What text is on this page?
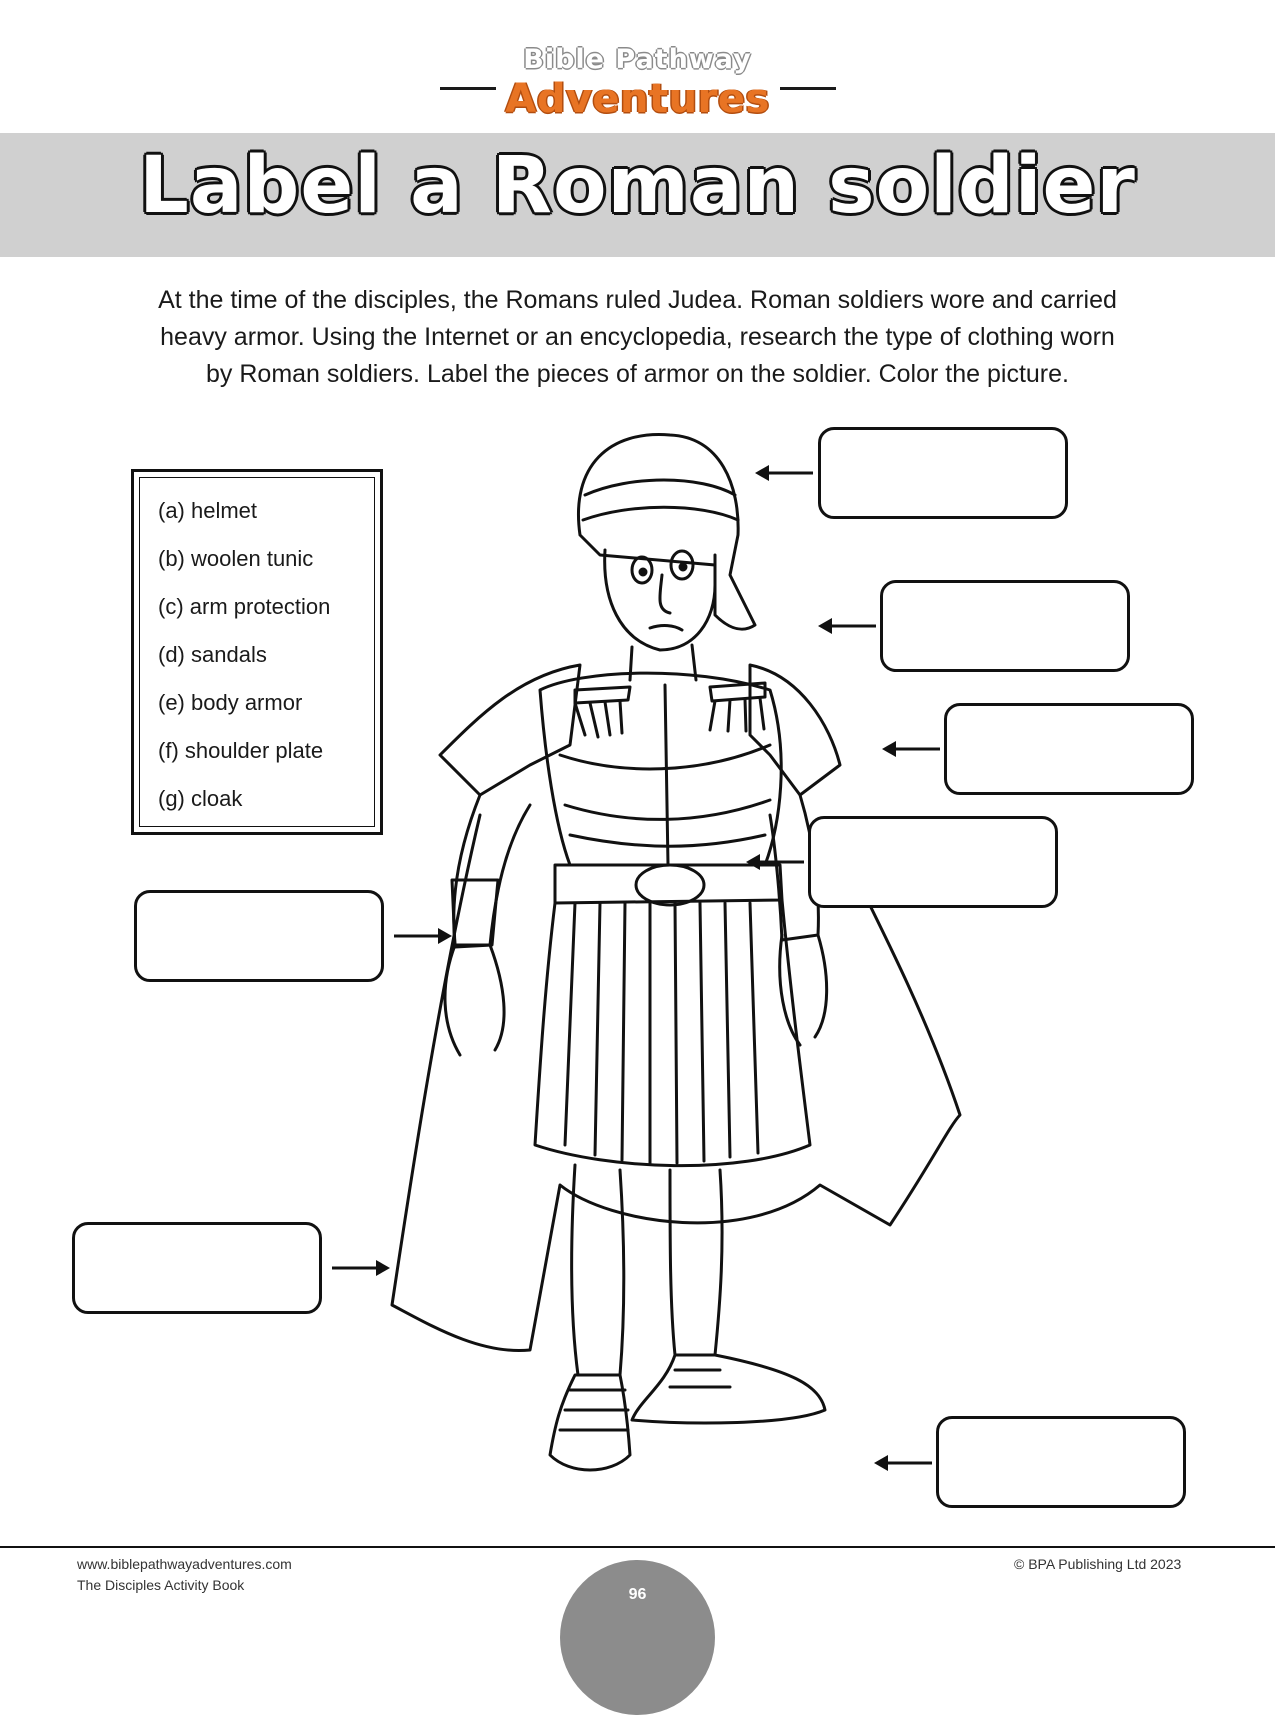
Bible Pathway
Adventures
Label a Roman soldier
At the time of the disciples, the Romans ruled Judea. Roman soldiers wore and carried
heavy armor. Using the Internet or an encyclopedia, research the type of clothing worn
by Roman soldiers. Label the pieces of armor on the soldier. Color the picture.
(a) helmet
(b) woolen tunic
(c) arm protection
(d) sandals
(e) body armor
(f) shoulder plate
(g) cloak
www.biblepathwayadventures.com
The Disciples Activity Book
© BPA Publishing Ltd 2023
96
